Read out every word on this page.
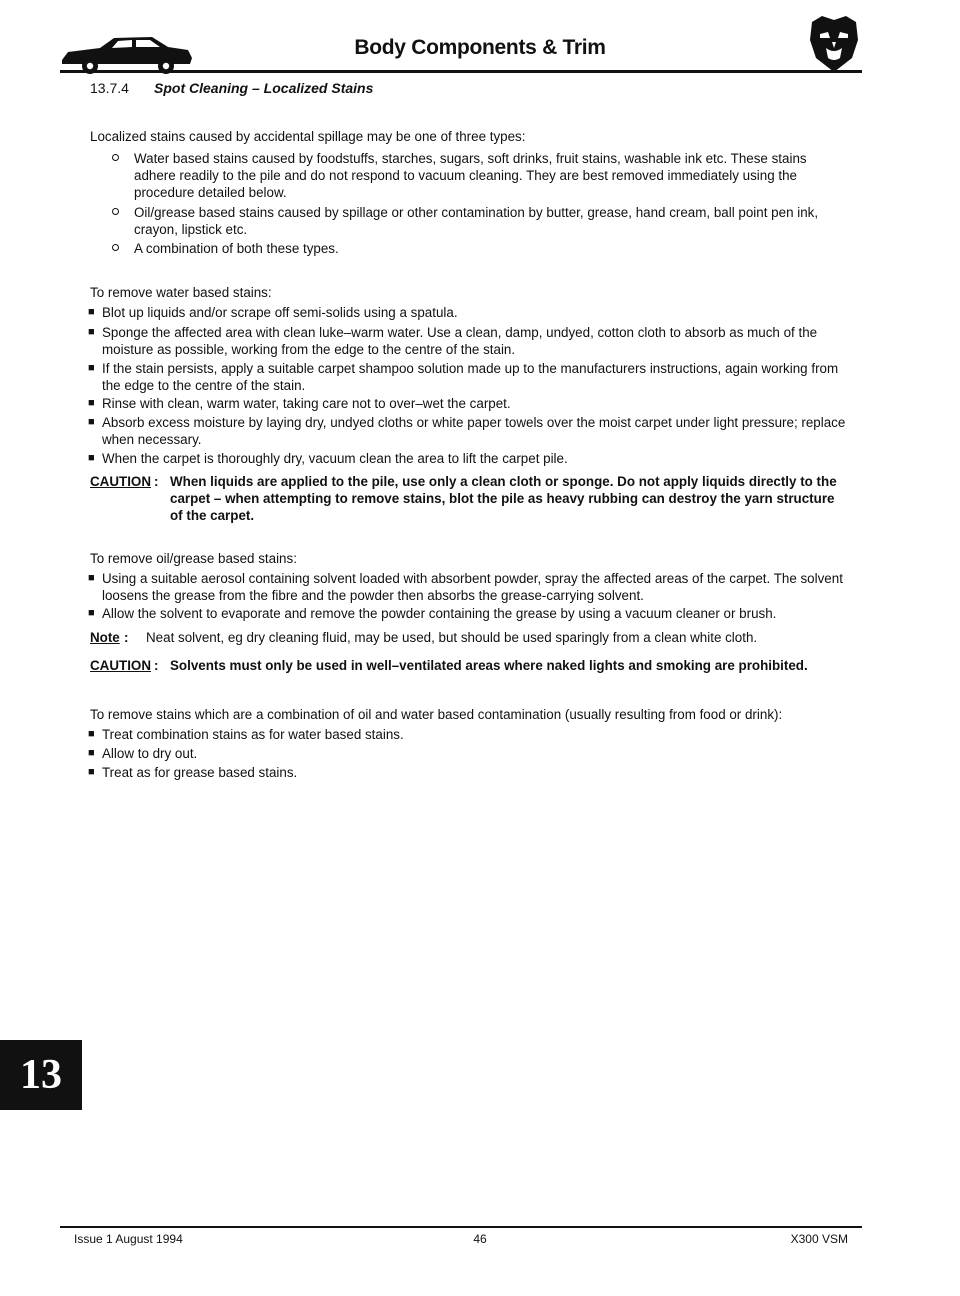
Body Components & Trim
13.7.4 Spot Cleaning – Localized Stains
Localized stains caused by accidental spillage may be one of three types:
Water based stains caused by foodstuffs, starches, sugars, soft drinks, fruit stains, washable ink etc. These stains adhere readily to the pile and do not respond to vacuum cleaning. They are best removed immediately using the procedure detailed below.
Oil/grease based stains caused by spillage or other contamination by butter, grease, hand cream, ball point pen ink, crayon, lipstick etc.
A combination of both these types.
To remove water based stains:
■ Blot up liquids and/or scrape off semi-solids using a spatula.
■ Sponge the affected area with clean luke–warm water. Use a clean, damp, undyed, cotton cloth to absorb as much of the moisture as possible, working from the edge to the centre of the stain.
■ If the stain persists, apply a suitable carpet shampoo solution made up to the manufacturers instructions, again working from the edge to the centre of the stain.
■ Rinse with clean, warm water, taking care not to over–wet the carpet.
■ Absorb excess moisture by laying dry, undyed cloths or white paper towels over the moist carpet under light pressure; replace when necessary.
■ When the carpet is thoroughly dry, vacuum clean the area to lift the carpet pile.
CAUTION : When liquids are applied to the pile, use only a clean cloth or sponge. Do not apply liquids directly to the carpet – when attempting to remove stains, blot the pile as heavy rubbing can destroy the yarn structure of the carpet.
To remove oil/grease based stains:
■ Using a suitable aerosol containing solvent loaded with absorbent powder, spray the affected areas of the carpet. The solvent loosens the grease from the fibre and the powder then absorbs the grease-carrying solvent.
■ Allow the solvent to evaporate and remove the powder containing the grease by using a vacuum cleaner or brush.
Note : Neat solvent, eg dry cleaning fluid, may be used, but should be used sparingly from a clean white cloth.
CAUTION : Solvents must only be used in well–ventilated areas where naked lights and smoking are prohibited.
To remove stains which are a combination of oil and water based contamination (usually resulting from food or drink):
■ Treat combination stains as for water based stains.
■ Allow to dry out.
■ Treat as for grease based stains.
13
Issue 1 August 1994	46	X300 VSM
